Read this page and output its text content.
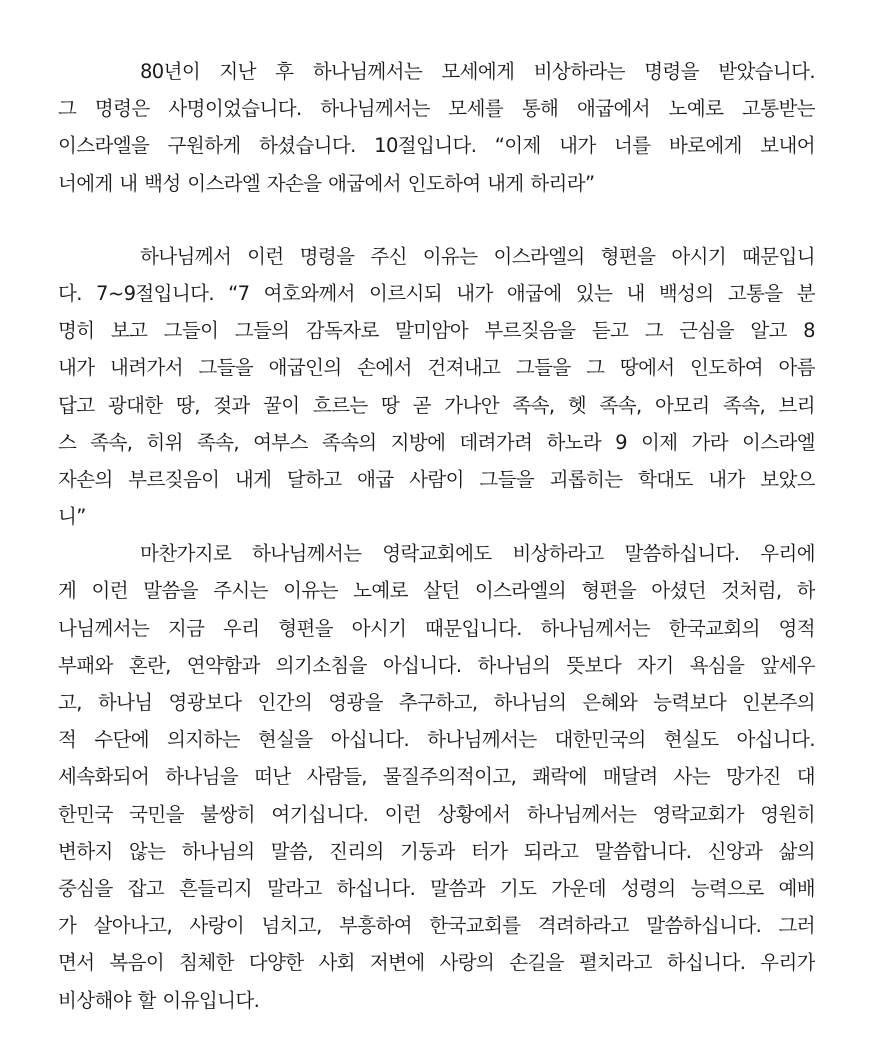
80년이 지난 후 하나님께서는 모세에게 비상하라는 명령을 받았습니다.
그 명령은 사명이었습니다. 하나님께서는 모세를 통해 애굽에서 노예로 고통받는
이스라엘을 구원하게 하셨습니다. 10절입니다. “이제 내가 너를 바로에게 보내어
너에게 내 백성 이스라엘 자손을 애굽에서 인도하여 내게 하리라”
하나님께서 이런 명령을 주신 이유는 이스라엘의 형편을 아시기 때문입니
다. 7~9절입니다. “7 여호와께서 이르시되 내가 애굽에 있는 내 백성의 고통을 분
명히 보고 그들이 그들의 감독자로 말미암아 부르짖음을 듣고 그 근심을 알고 8
내가 내려가서 그들을 애굽인의 손에서 건져내고 그들을 그 땅에서 인도하여 아름
답고 광대한 땅, 젖과 꿀이 흐르는 땅 곧 가나안 족속, 헷 족속, 아모리 족속, 브리
스 족속, 히위 족속, 여부스 족속의 지방에 데려가려 하노라 9 이제 가라 이스라엘
자손의 부르짖음이 내게 달하고 애굽 사람이 그들을 괴롭히는 학대도 내가 보았으
니”
마찬가지로 하나님께서는 영락교회에도 비상하라고 말씀하십니다. 우리에
게 이런 말씀을 주시는 이유는 노예로 살던 이스라엘의 형편을 아셨던 것처럼, 하
나님께서는 지금 우리 형편을 아시기 때문입니다. 하나님께서는 한국교회의 영적
부패와 혼란, 연약함과 의기소침을 아십니다. 하나님의 뜻보다 자기 욕심을 앞세우
고, 하나님 영광보다 인간의 영광을 추구하고, 하나님의 은혜와 능력보다 인본주의
적 수단에 의지하는 현실을 아십니다. 하나님께서는 대한민국의 현실도 아십니다.
세속화되어 하나님을 떠난 사람들, 물질주의적이고, 쾌락에 매달려 사는 망가진 대
한민국 국민을 불쌍히 여기십니다. 이런 상황에서 하나님께서는 영락교회가 영원히
변하지 않는 하나님의 말씀, 진리의 기둥과 터가 되라고 말씀합니다. 신앙과 삶의
중심을 잡고 흔들리지 말라고 하십니다. 말씀과 기도 가운데 성령의 능력으로 예배
가 살아나고, 사랑이 넘치고, 부흥하여 한국교회를 격려하라고 말씀하십니다. 그러
면서 복음이 침체한 다양한 사회 저변에 사랑의 손길을 펼치라고 하십니다. 우리가
비상해야 할 이유입니다.
